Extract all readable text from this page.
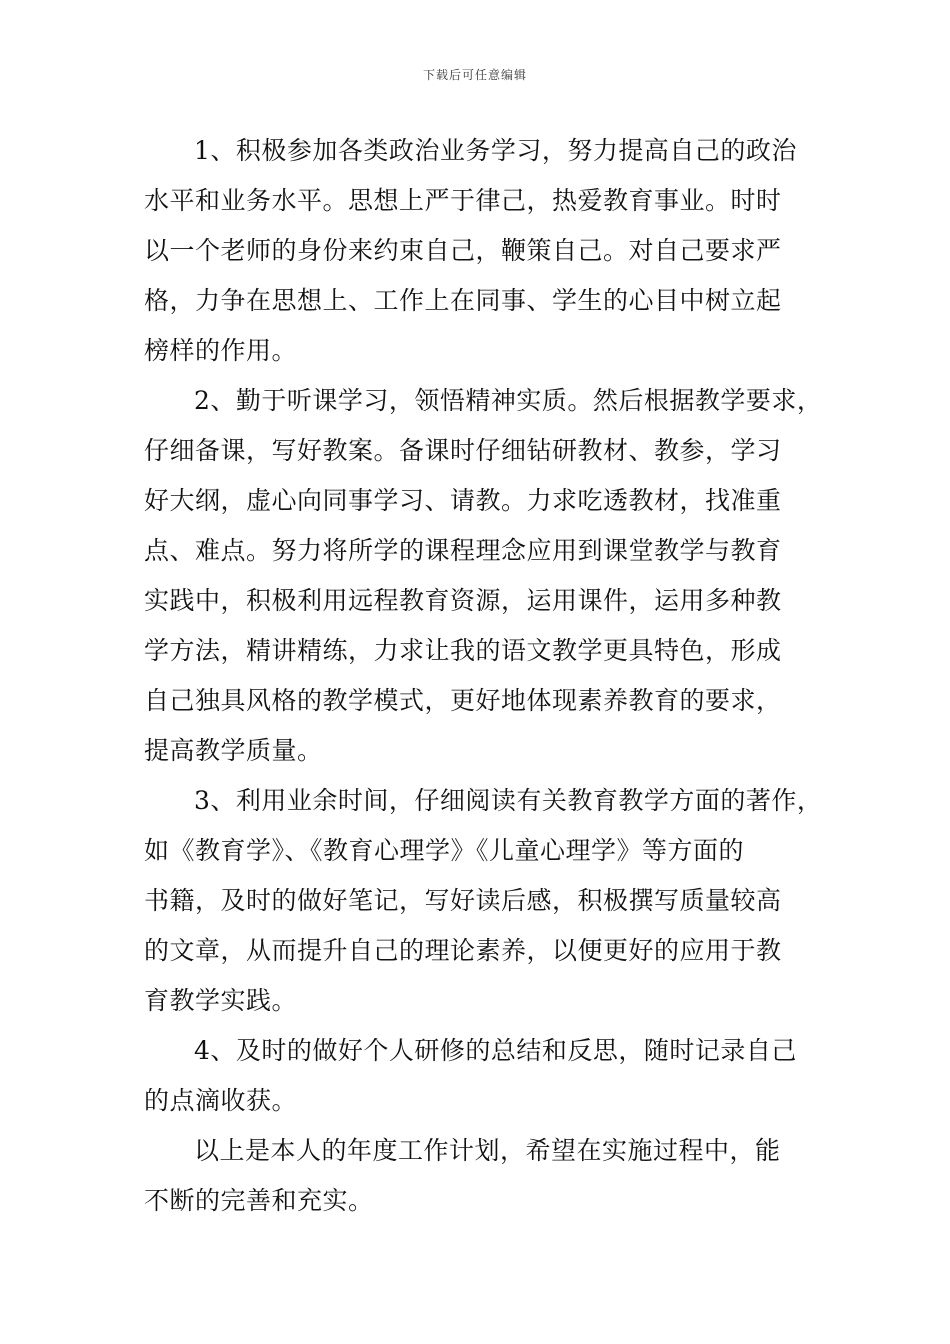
下载后可任意编辑

1、积极参加各类政治业务学习，努力提高自己的政治
水平和业务水平。思想上严于律己，热爱教育事业。时时
以一个老师的身份来约束自己，鞭策自己。对自己要求严
格，力争在思想上、工作上在同事、学生的心目中树立起
榜样的作用。

2、勤于听课学习，领悟精神实质。然后根据教学要求，
仔细备课，写好教案。备课时仔细钻研教材、教参，学习
好大纲，虚心向同事学习、请教。力求吃透教材，找准重
点、难点。努力将所学的课程理念应用到课堂教学与教育
实践中，积极利用远程教育资源，运用课件，运用多种教
学方法，精讲精练，力求让我的语文教学更具特色，形成
自己独具风格的教学模式，更好地体现素养教育的要求，
提高教学质量。

3、利用业余时间，仔细阅读有关教育教学方面的著作，
如《教育学》、《教育心理学》《儿童心理学》等方面的
书籍，及时的做好笔记，写好读后感，积极撰写质量较高
的文章，从而提升自己的理论素养，以便更好的应用于教
育教学实践。

4、及时的做好个人研修的总结和反思，随时记录自己
的点滴收获。

以上是本人的年度工作计划，希望在实施过程中，能
不断的完善和充实。
